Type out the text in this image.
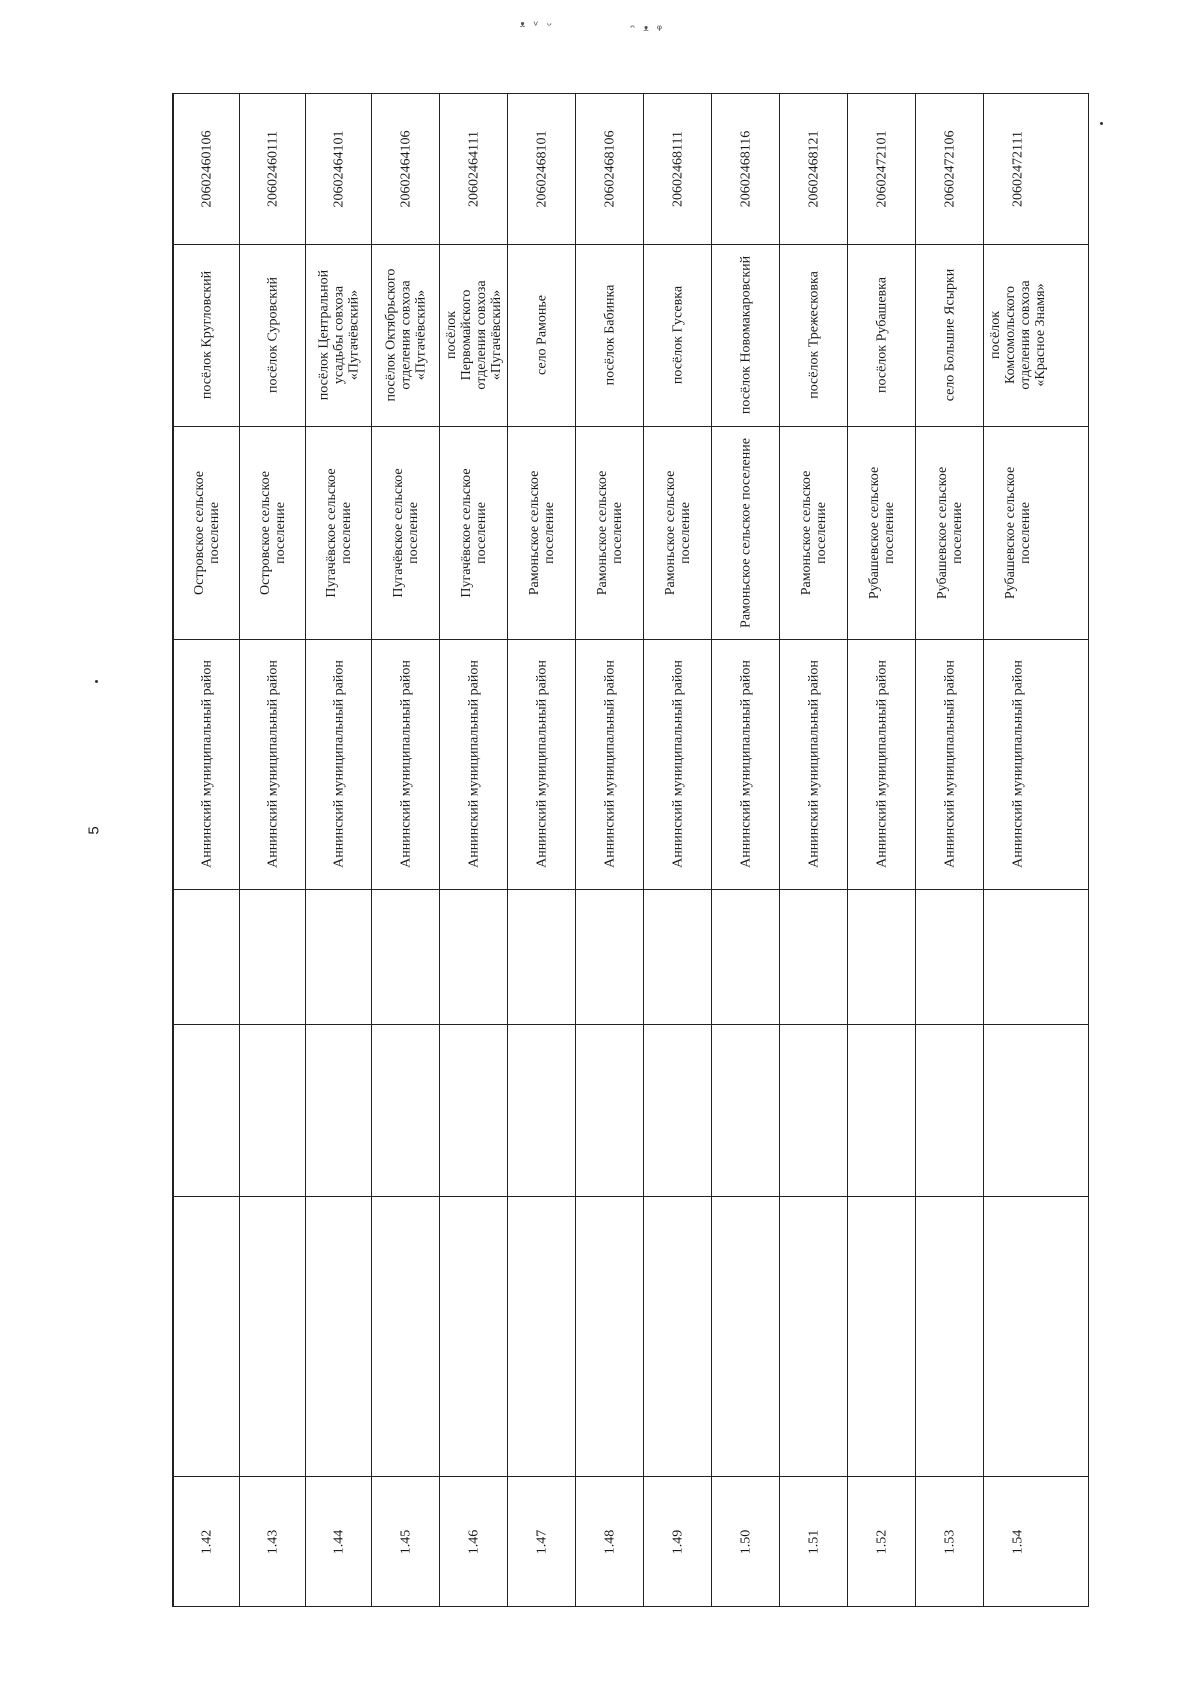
5
ᵜ ᵛ ᵕ	ᵔ ᵜ ᵠ
20602460106
посёлок Кругловский
Островское сельское
поселение
Аннинский муниципальный район
1.42
20602460111
посёлок Суровский
Островское сельское
поселение
Аннинский муниципальный район
1.43
20602464101
посёлок Центральной
усадьбы совхоза
«Пугачёвский»
Пугачёвское сельское
поселение
Аннинский муниципальный район
1.44
20602464106
посёлок Октябрьского
отделения совхоза
«Пугачёвский»
Пугачёвское сельское
поселение
Аннинский муниципальный район
1.45
20602464111
посёлок
Первомайского
отделения совхоза
«Пугачёвский»
Пугачёвское сельское
поселение
Аннинский муниципальный район
1.46
20602468101
село Рамонье
Рамоньское сельское
поселение
Аннинский муниципальный район
1.47
20602468106
посёлок Бабинка
Рамоньское сельское
поселение
Аннинский муниципальный район
1.48
20602468111
посёлок Гусевка
Рамоньское сельское
поселение
Аннинский муниципальный район
1.49
20602468116
посёлок Новомакаровский
Рамоньское сельское поселение
Аннинский муниципальный район
1.50
20602468121
посёлок Трежесковка
Рамоньское сельское
поселение
Аннинский муниципальный район
1.51
20602472101
посёлок Рубашевка
Рубашевское сельское
поселение
Аннинский муниципальный район
1.52
20602472106
село Большие Ясырки
Рубашевское сельское
поселение
Аннинский муниципальный район
1.53
20602472111
посёлок
Комсомольского
отделения совхоза
«Красное Знамя»
Рубашевское сельское
поселение
Аннинский муниципальный район
1.54
